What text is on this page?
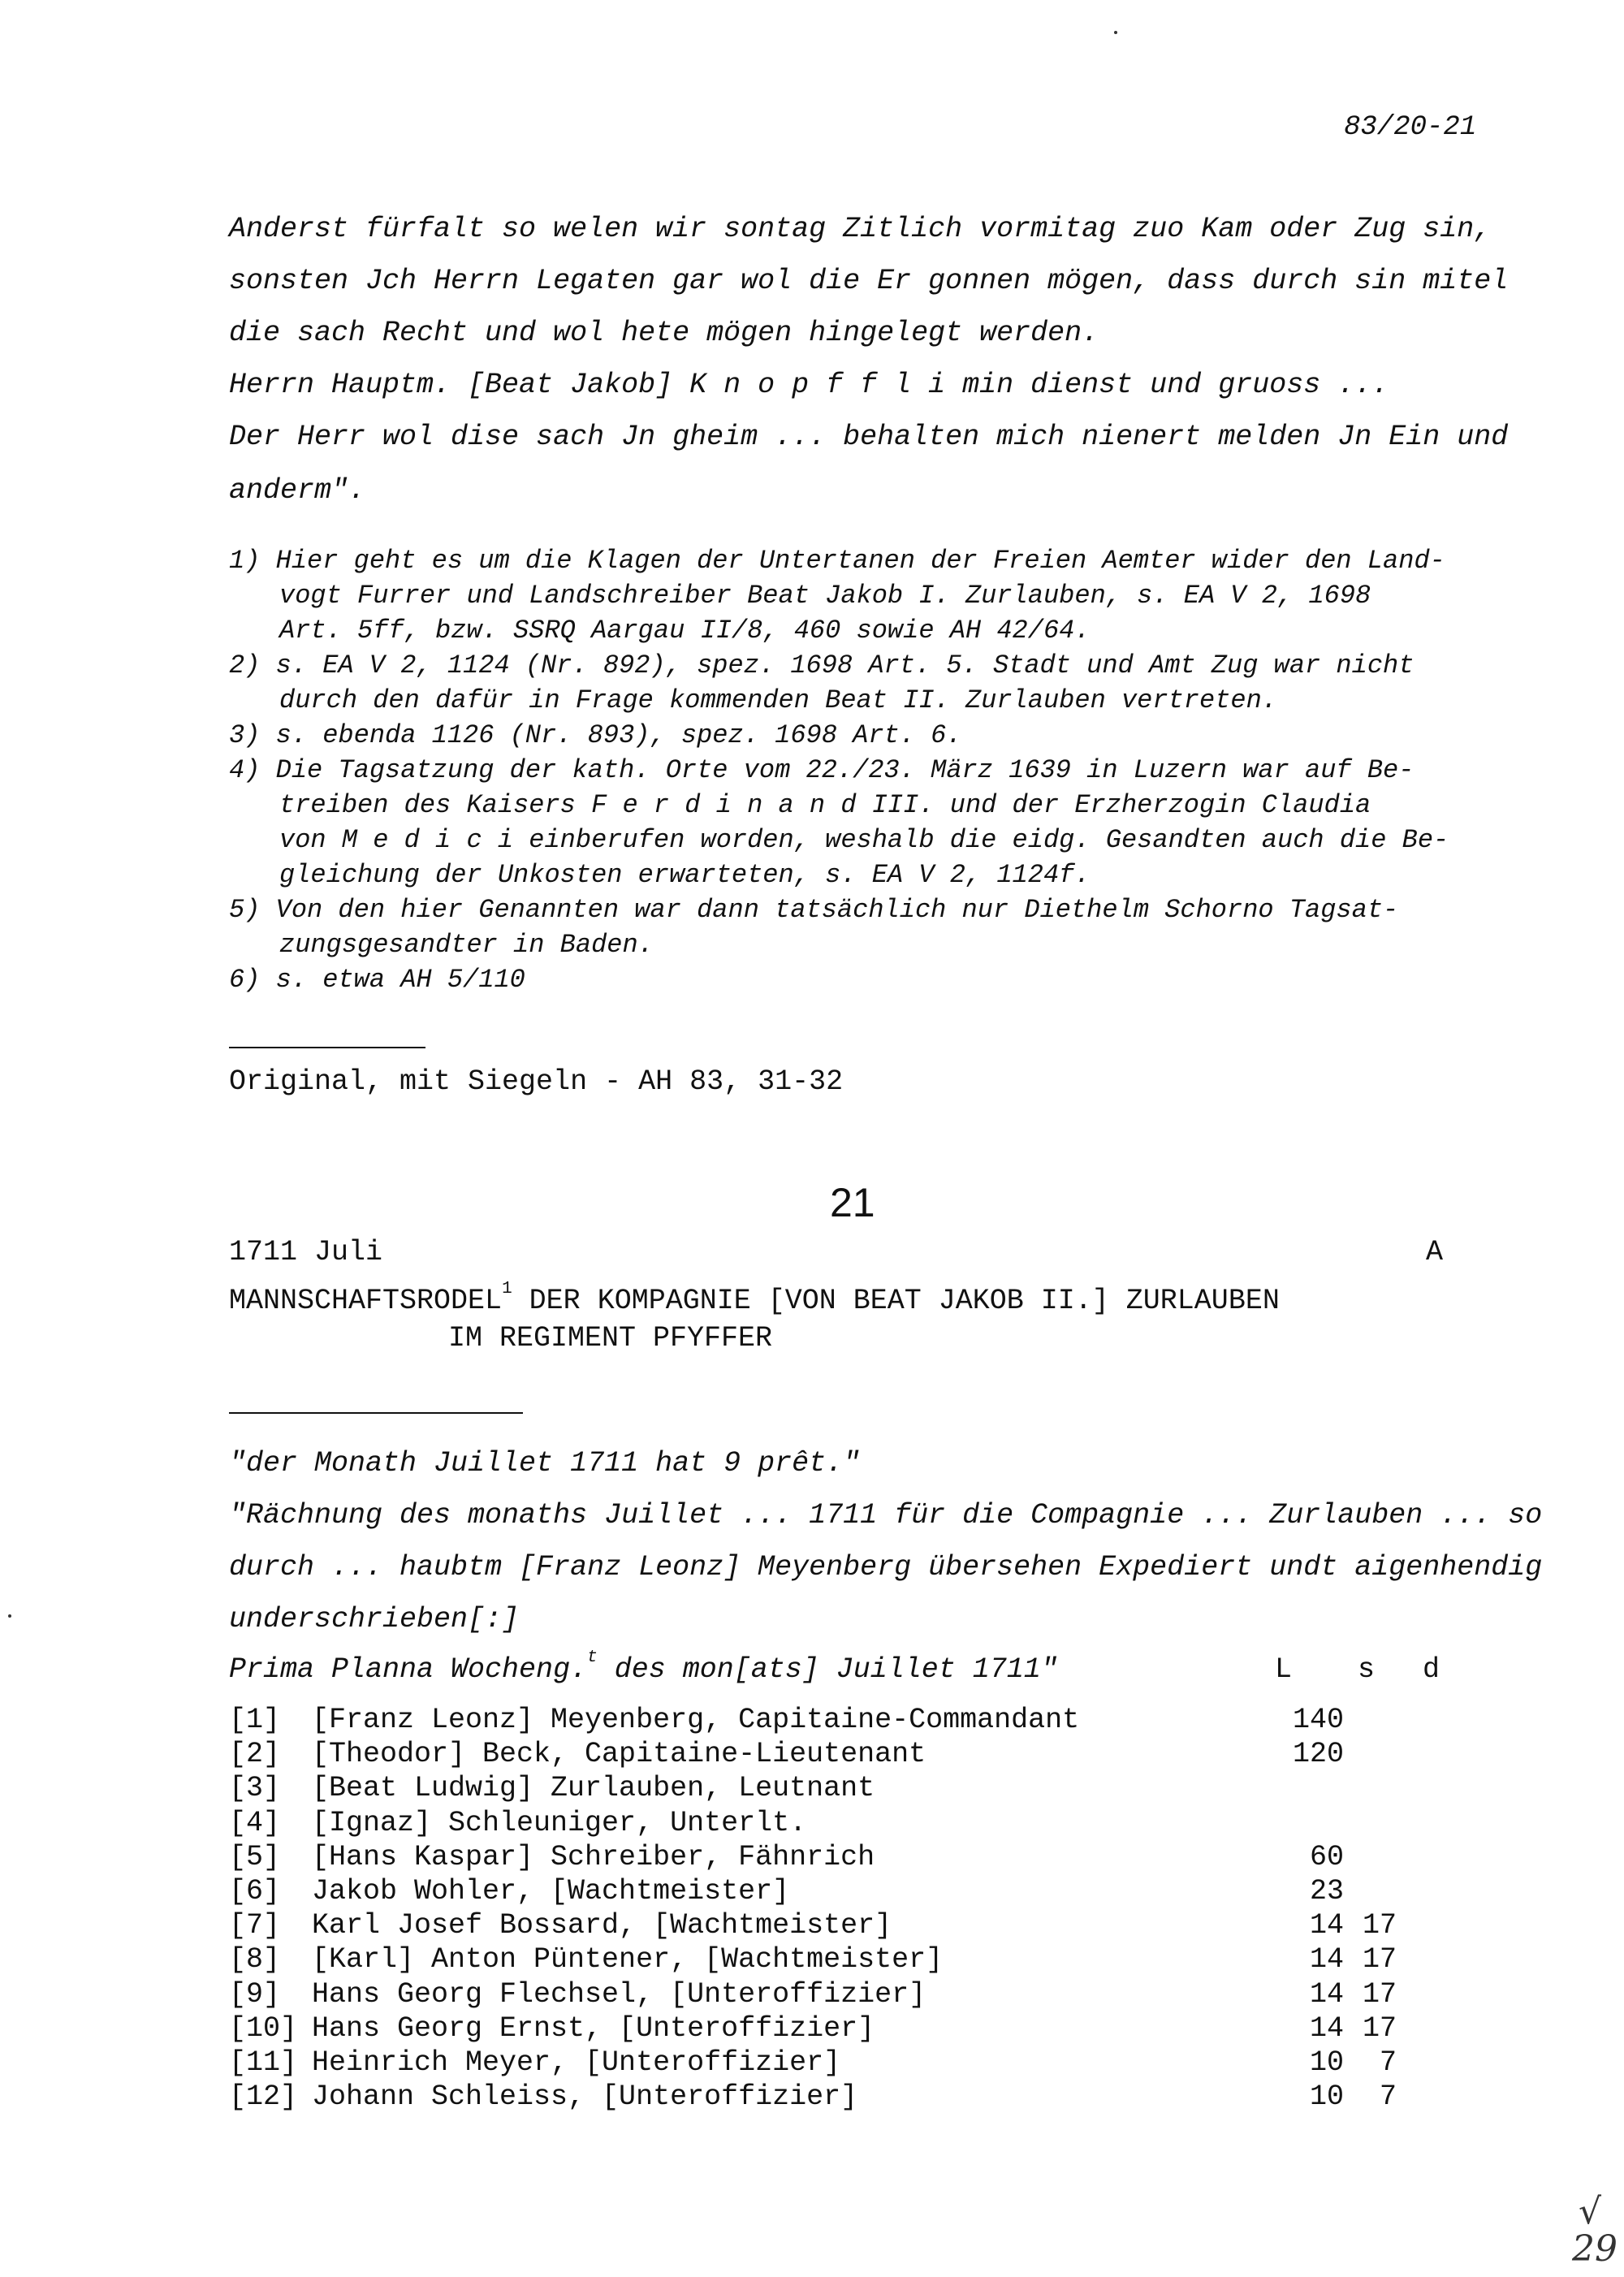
83/20-21
Anderst fürfalt so welen wir sontag Zitlich vormitag zuo Kam oder Zug sin,
sonsten Jch Herrn Legaten gar wol die Er gonnen mögen, dass durch sin mitel
die sach Recht und wol hete mögen hingelegt werden.
Herrn Hauptm. [Beat Jakob] K n o p f f l i min dienst und gruoss ...
Der Herr wol dise sach Jn gheim ... behalten mich nienert melden Jn Ein und
anderm".
1) Hier geht es um die Klagen der Untertanen der Freien Aemter wider den Land-
vogt Furrer und Landschreiber Beat Jakob I. Zurlauben, s. EA V 2, 1698
Art. 5ff, bzw. SSRQ Aargau II/8, 460 sowie AH 42/64.
2) s. EA V 2, 1124 (Nr. 892), spez. 1698 Art. 5. Stadt und Amt Zug war nicht
durch den dafür in Frage kommenden Beat II. Zurlauben vertreten.
3) s. ebenda 1126 (Nr. 893), spez. 1698 Art. 6.
4) Die Tagsatzung der kath. Orte vom 22./23. März 1639 in Luzern war auf Be-
treiben des Kaisers F e r d i n a n d III. und der Erzherzogin Claudia
von M e d i c i einberufen worden, weshalb die eidg. Gesandten auch die Be-
gleichung der Unkosten erwarteten, s. EA V 2, 1124f.
5) Von den hier Genannten war dann tatsächlich nur Diethelm Schorno Tagsat-
zungsgesandter in Baden.
6) s. etwa AH 5/110
Original, mit Siegeln - AH 83, 31-32
21
1711 Juli	A
MANNSCHAFTSRODEL$^1$ DER KOMPAGNIE [VON BEAT JAKOB II.] ZURLAUBEN
IM REGIMENT PFYFFER
"der Monath Juillet 1711 hat 9 prêt."
"Rächnung des monaths Juillet ... 1711 für die Compagnie ... Zurlauben ... so
durch ... haubtm [Franz Leonz] Meyenberg übersehen Expediert undt aigenhendig
underschrieben[:]
Prima Planna Wocheng.$^t$ des mon[ats] Juillet 1711"	L s d
[1] [Franz Leonz] Meyenberg, Capitaine-Commandant	140
[2] [Theodor] Beck, Capitaine-Lieutenant	120
[3] [Beat Ludwig] Zurlauben, Leutnant
[4] [Ignaz] Schleuniger, Unterlt.
[5] [Hans Kaspar] Schreiber, Fähnrich	60
[6] Jakob Wohler, [Wachtmeister]	23
[7] Karl Josef Bossard, [Wachtmeister]	14 17
[8] [Karl] Anton Püntener, [Wachtmeister]	14 17
[9] Hans Georg Flechsel, [Unteroffizier]	14 17
[10] Hans Georg Ernst, [Unteroffizier]	14 17
[11] Heinrich Meyer, [Unteroffizier]	10	7
[12] Johann Schleiss, [Unteroffizier]	10	7
√
29
